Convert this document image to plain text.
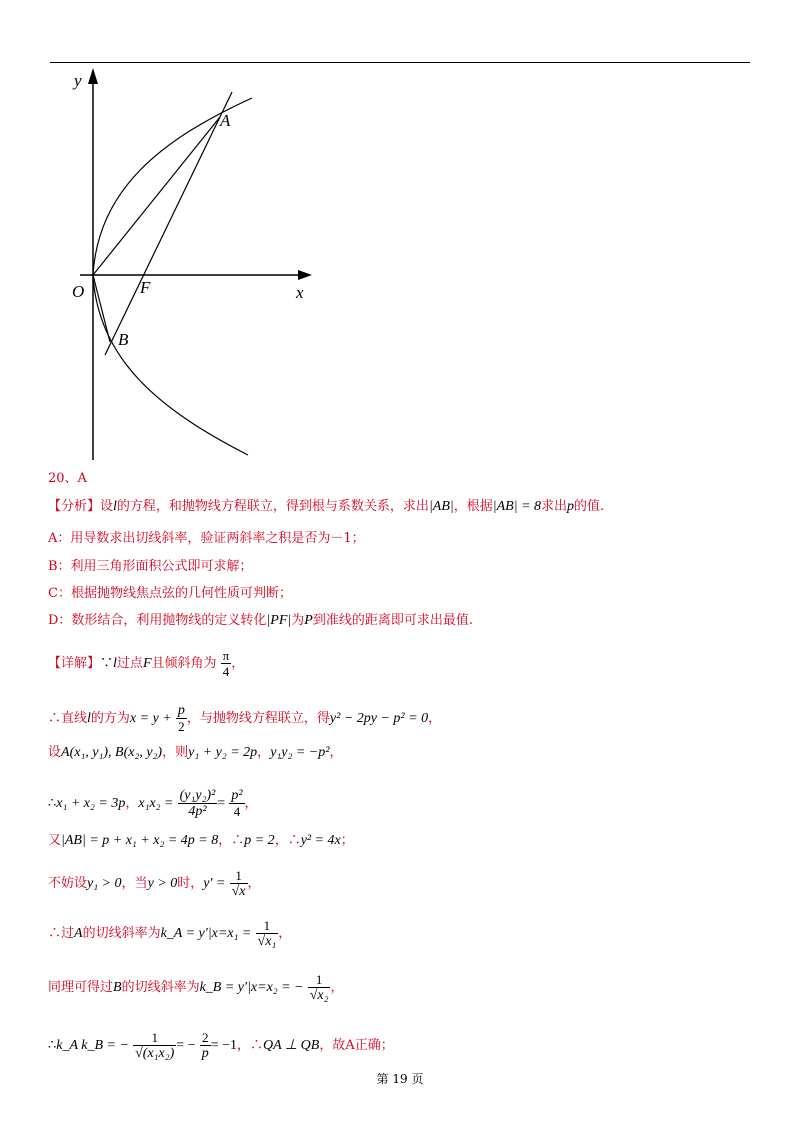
y
x
O	F
A
B
20、A
【分析】设l的方程，和抛物线方程联立，得到根与系数关系，求出|AB|，根据|AB| = 8求出p的值.
A：用导数求出切线斜率，验证两斜率之积是否为－1；
B：利用三角形面积公式即可求解；
C：根据抛物线焦点弦的几何性质可判断；
D：数形结合，利用抛物线的定义转化|PF|为P到准线的距离即可求出最值.
【详解】∵l过点F且倾斜角为 $\frac{\pi}{4}$ ，
∴直线l的方为$x = y + \frac{p}{2}$ ，与抛物线方程联立，得y² − 2py − p² = 0，
设A(x₁, y₁), B(x₂, y₂)，则y₁ + y₂ = 2p，y₁y₂ = −p²，
∴x₁ + x₂ = 3p，$x_1x_2 = \frac{\text{(y₁y₂)²}}{\text{4p²}} = \frac{\text{p²}}{4}$ ，
又|AB| = p + x₁ + x₂ = 4p = 8，∴p = 2，∴y² = 4x；
不妨设y₁ > 0，当y > 0时，$y' = \frac{1}{√x}$ ，
∴过A的切线斜率为k_A = $y'|x=x_1 = \frac{1}{\text{√x₁}}$ ，
同理可得过B的切线斜率为k_B = y′|x=x₂ = − $\frac{1}{\text{√x₂}}$ ，
∴k_A k_B = − $\frac{1}{\text{√(x₁x₂)}}$ = − $\frac{2}{p} = -1$，∴QA ⊥ QB，故A正确；
第 19 页
